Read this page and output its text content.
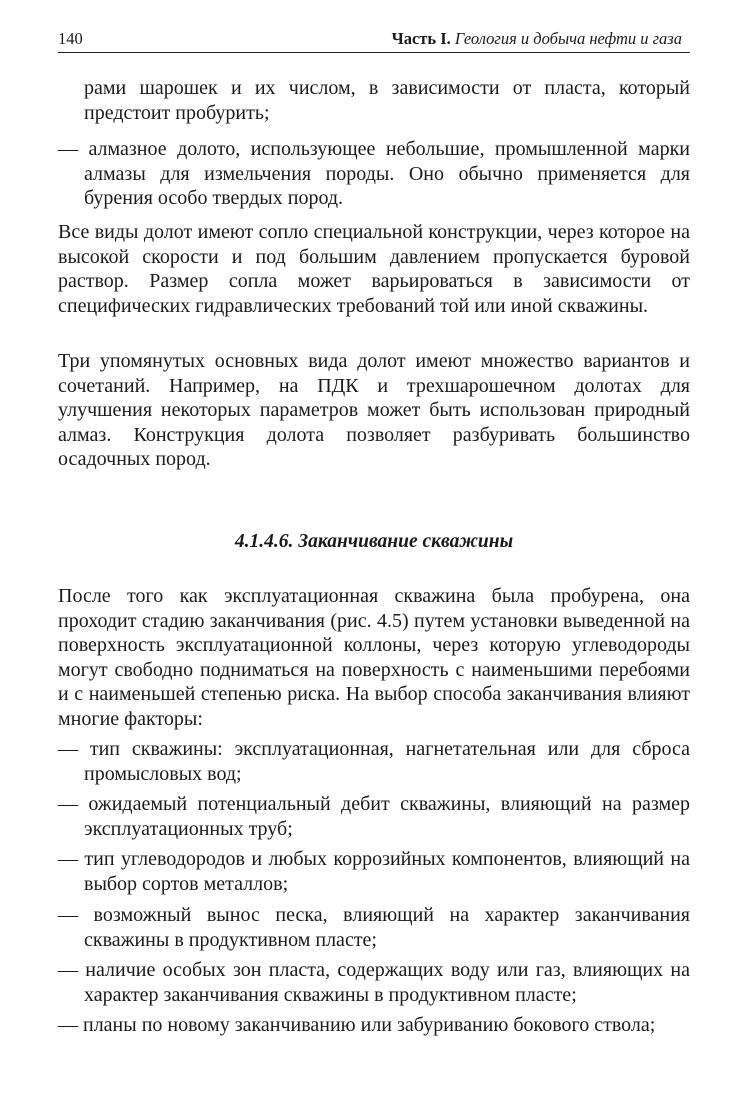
140	Часть I. Геология и добыча нефти и газа

рами шарошек и их числом, в зависимости от пласта, который предстоит пробурить;

— алмазное долото, использующее небольшие, промышленной марки алмазы для измельчения породы. Оно обычно применяется для бурения особо твердых пород.

Все виды долот имеют сопло специальной конструкции, через которое на высокой скорости и под большим давлением пропускается буровой раствор. Размер сопла может варьироваться в зависимости от специфических гидравлических требований той или иной скважины.

Три упомянутых основных вида долот имеют множество вариантов и сочетаний. Например, на ПДК и трехшарошечном долотах для улучшения некоторых параметров может быть использован природный алмаз. Конструкция долота позволяет разбуривать большинство осадочных пород.

4.1.4.6. Заканчивание скважины

После того как эксплуатационная скважина была пробурена, она проходит стадию заканчивания (рис. 4.5) путем установки выведенной на поверхность эксплуатационной коллоны, через которую углеводороды могут свободно подниматься на поверхность с наименьшими перебоями и с наименьшей степенью риска. На выбор способа заканчивания влияют многие факторы:

— тип скважины: эксплуатационная, нагнетательная или для сброса промысловых вод;

— ожидаемый потенциальный дебит скважины, влияющий на размер эксплуатационных труб;

— тип углеводородов и любых коррозийных компонентов, влияющий на выбор сортов металлов;

— возможный вынос песка, влияющий на характер заканчивания скважины в продуктивном пласте;

— наличие особых зон пласта, содержащих воду или газ, влияющих на характер заканчивания скважины в продуктивном пласте;

— планы по новому заканчиванию или забуриванию бокового ствола;
